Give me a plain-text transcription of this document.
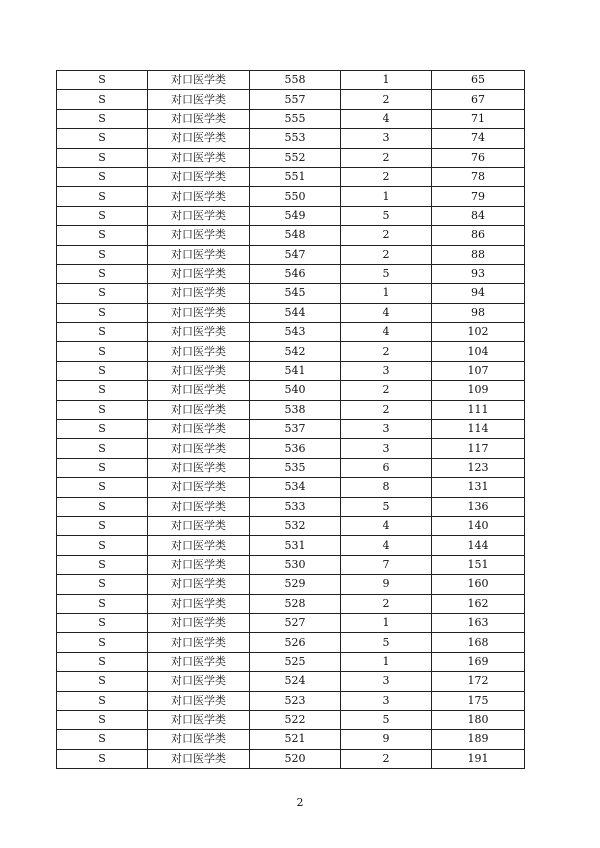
S	对口医学类	558	1	65
S	对口医学类	557	2	67
S	对口医学类	555	4	71
S	对口医学类	553	3	74
S	对口医学类	552	2	76
S	对口医学类	551	2	78
S	对口医学类	550	1	79
S	对口医学类	549	5	84
S	对口医学类	548	2	86
S	对口医学类	547	2	88
S	对口医学类	546	5	93
S	对口医学类	545	1	94
S	对口医学类	544	4	98
S	对口医学类	543	4	102
S	对口医学类	542	2	104
S	对口医学类	541	3	107
S	对口医学类	540	2	109
S	对口医学类	538	2	111
S	对口医学类	537	3	114
S	对口医学类	536	3	117
S	对口医学类	535	6	123
S	对口医学类	534	8	131
S	对口医学类	533	5	136
S	对口医学类	532	4	140
S	对口医学类	531	4	144
S	对口医学类	530	7	151
S	对口医学类	529	9	160
S	对口医学类	528	2	162
S	对口医学类	527	1	163
S	对口医学类	526	5	168
S	对口医学类	525	1	169
S	对口医学类	524	3	172
S	对口医学类	523	3	175
S	对口医学类	522	5	180
S	对口医学类	521	9	189
S	对口医学类	520	2	191
2
